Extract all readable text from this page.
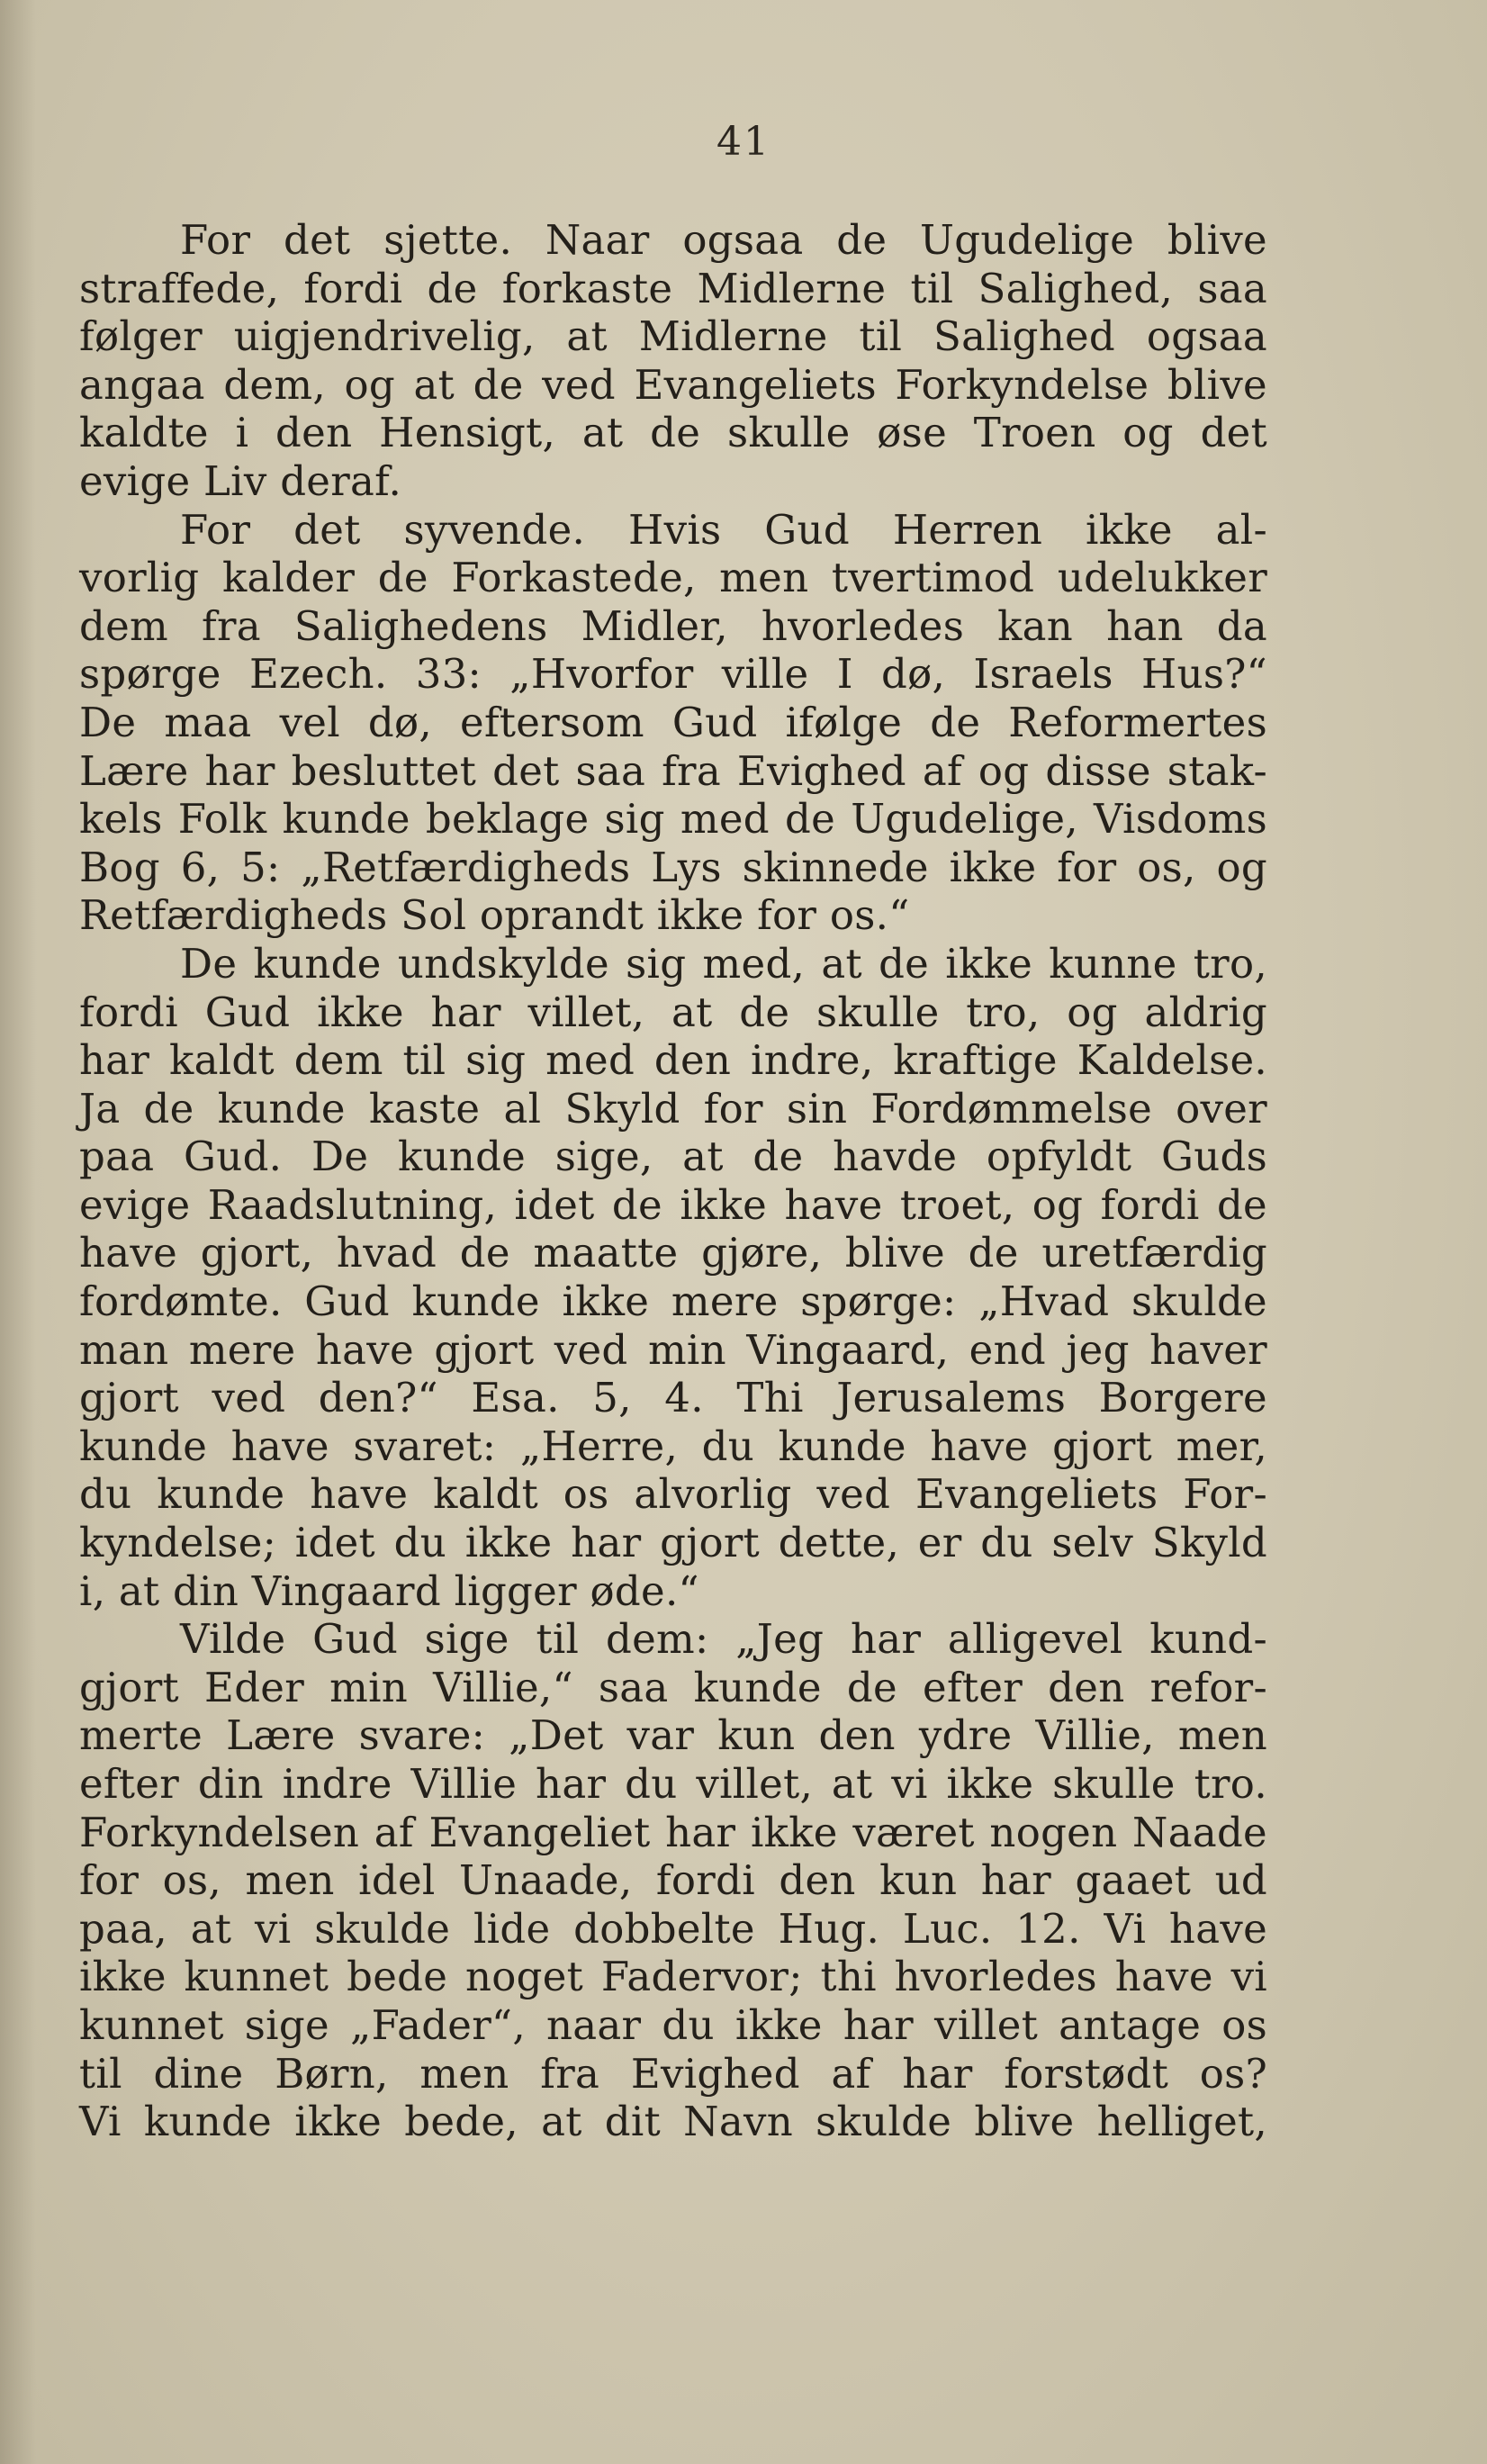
41
For det sjette. Naar ogsaa de Ugudelige blive
straffede, fordi de forkaste Midlerne til Salighed, saa
følger uigjendrivelig, at Midlerne til Salighed ogsaa
angaa dem, og at de ved Evangeliets Forkyndelse blive
kaldte i den Hensigt, at de skulle øse Troen og det
evige Liv deraf.
For det syvende. Hvis Gud Herren ikke al-
vorlig kalder de Forkastede, men tvertimod udelukker
dem fra Salighedens Midler, hvorledes kan han da
spørge Ezech. 33: „Hvorfor ville I dø, Israels Hus?“
De maa vel dø, eftersom Gud ifølge de Reformertes
Lære har besluttet det saa fra Evighed af og disse stak-
kels Folk kunde beklage sig med de Ugudelige, Visdoms
Bog 6, 5: „Retfærdigheds Lys skinnede ikke for os, og
Retfærdigheds Sol oprandt ikke for os.“
De kunde undskylde sig med, at de ikke kunne tro,
fordi Gud ikke har villet, at de skulle tro, og aldrig
har kaldt dem til sig med den indre, kraftige Kaldelse.
Ja de kunde kaste al Skyld for sin Fordømmelse over
paa Gud. De kunde sige, at de havde opfyldt Guds
evige Raadslutning, idet de ikke have troet, og fordi de
have gjort, hvad de maatte gjøre, blive de uretfærdig
fordømte. Gud kunde ikke mere spørge: „Hvad skulde
man mere have gjort ved min Vingaard, end jeg haver
gjort ved den?“ Esa. 5, 4. Thi Jerusalems Borgere
kunde have svaret: „Herre, du kunde have gjort mer,
du kunde have kaldt os alvorlig ved Evangeliets For-
kyndelse; idet du ikke har gjort dette, er du selv Skyld
i, at din Vingaard ligger øde.“
Vilde Gud sige til dem: „Jeg har alligevel kund-
gjort Eder min Villie,“ saa kunde de efter den refor-
merte Lære svare: „Det var kun den ydre Villie, men
efter din indre Villie har du villet, at vi ikke skulle tro.
Forkyndelsen af Evangeliet har ikke været nogen Naade
for os, men idel Unaade, fordi den kun har gaaet ud
paa, at vi skulde lide dobbelte Hug. Luc. 12. Vi have
ikke kunnet bede noget Fadervor; thi hvorledes have vi
kunnet sige „Fader“, naar du ikke har villet antage os
til dine Børn, men fra Evighed af har forstødt os?
Vi kunde ikke bede, at dit Navn skulde blive helliget,
